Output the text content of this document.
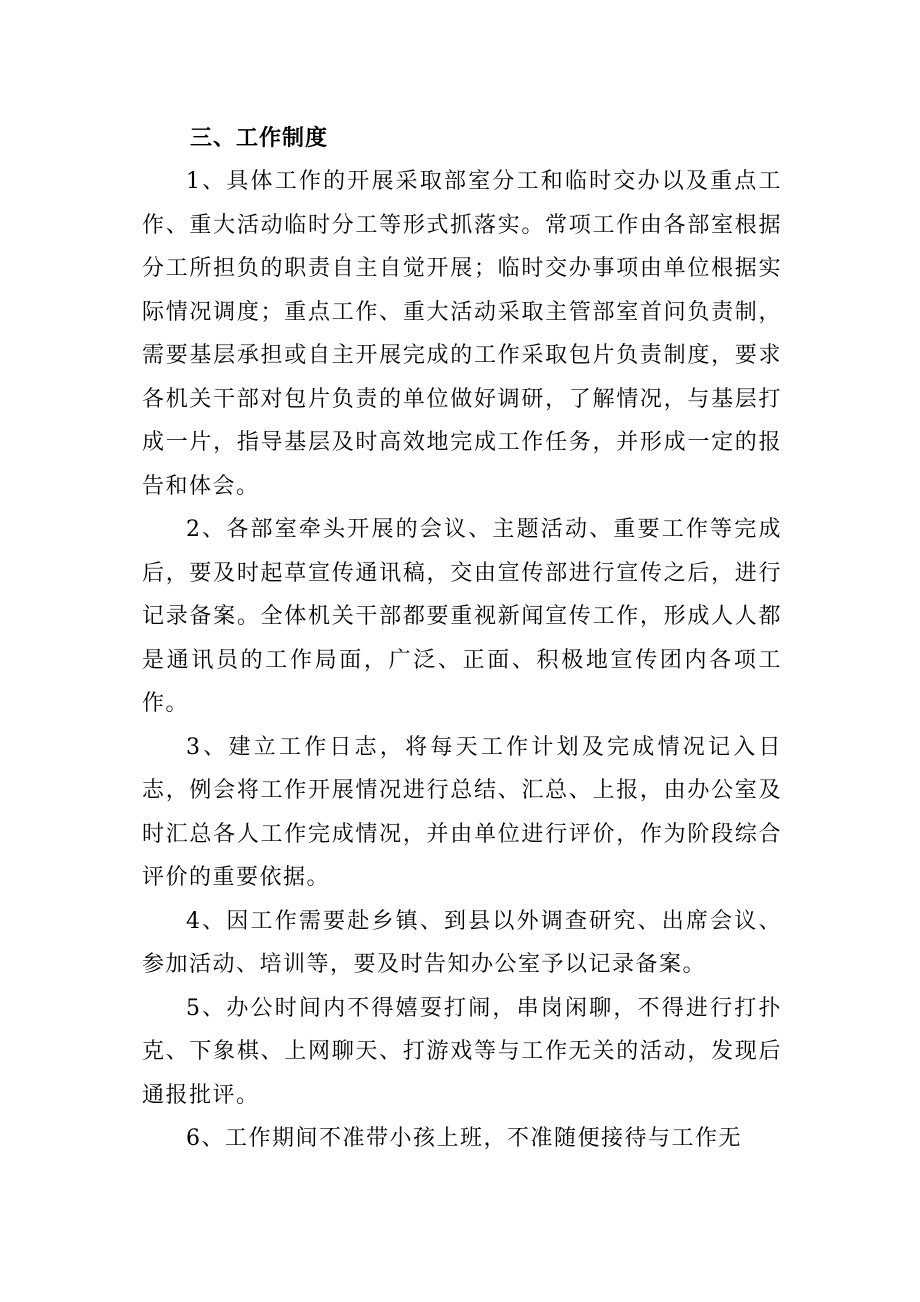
三、工作制度

1、具体工作的开展采取部室分工和临时交办以及重点工作、重大活动临时分工等形式抓落实。常项工作由各部室根据分工所担负的职责自主自觉开展；临时交办事项由单位根据实际情况调度；重点工作、重大活动采取主管部室首问负责制，需要基层承担或自主开展完成的工作采取包片负责制度，要求各机关干部对包片负责的单位做好调研，了解情况，与基层打成一片，指导基层及时高效地完成工作任务，并形成一定的报告和体会。

2、各部室牵头开展的会议、主题活动、重要工作等完成后，要及时起草宣传通讯稿，交由宣传部进行宣传之后，进行记录备案。全体机关干部都要重视新闻宣传工作，形成人人都是通讯员的工作局面，广泛、正面、积极地宣传团内各项工作。

3、建立工作日志，将每天工作计划及完成情况记入日志，例会将工作开展情况进行总结、汇总、上报，由办公室及时汇总各人工作完成情况，并由单位进行评价，作为阶段综合评价的重要依据。

4、因工作需要赴乡镇、到县以外调查研究、出席会议、参加活动、培训等，要及时告知办公室予以记录备案。

5、办公时间内不得嬉耍打闹，串岗闲聊，不得进行打扑克、下象棋、上网聊天、打游戏等与工作无关的活动，发现后通报批评。

6、工作期间不准带小孩上班，不准随便接待与工作无
